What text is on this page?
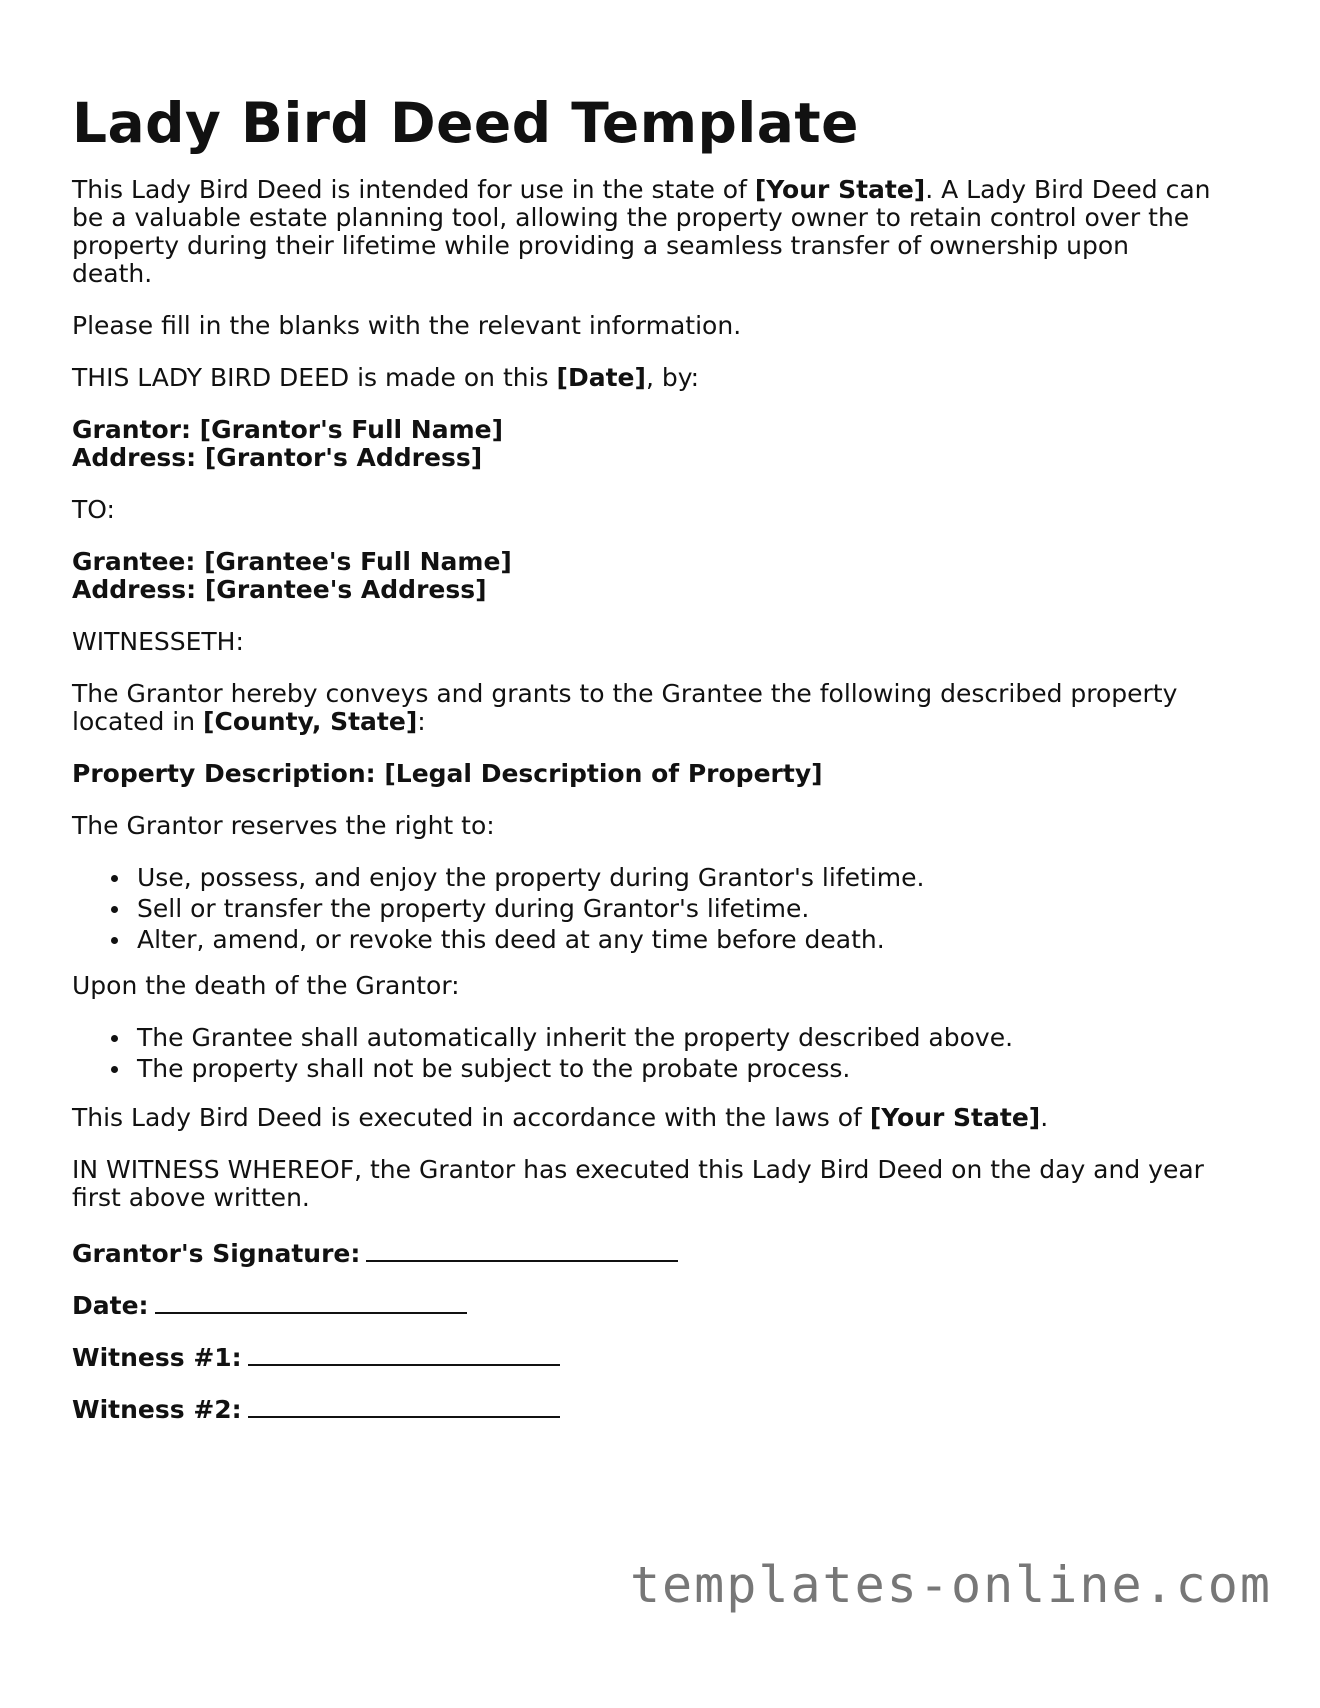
Lady Bird Deed Template
This Lady Bird Deed is intended for use in the state of [Your State]. A Lady Bird Deed can
be a valuable estate planning tool, allowing the property owner to retain control over the
property during their lifetime while providing a seamless transfer of ownership upon
death.
Please fill in the blanks with the relevant information.
THIS LADY BIRD DEED is made on this [Date], by:
Grantor: [Grantor's Full Name]
Address: [Grantor's Address]
TO:
Grantee: [Grantee's Full Name]
Address: [Grantee's Address]
WITNESSETH:
The Grantor hereby conveys and grants to the Grantee the following described property
located in [County, State]:
Property Description: [Legal Description of Property]
The Grantor reserves the right to:
Use, possess, and enjoy the property during Grantor's lifetime.
Sell or transfer the property during Grantor's lifetime.
Alter, amend, or revoke this deed at any time before death.
Upon the death of the Grantor:
The Grantee shall automatically inherit the property described above.
The property shall not be subject to the probate process.
This Lady Bird Deed is executed in accordance with the laws of [Your State].
IN WITNESS WHEREOF, the Grantor has executed this Lady Bird Deed on the day and year
first above written.
Grantor's Signature:
Date:
Witness #1:
Witness #2:
templates-online.com
